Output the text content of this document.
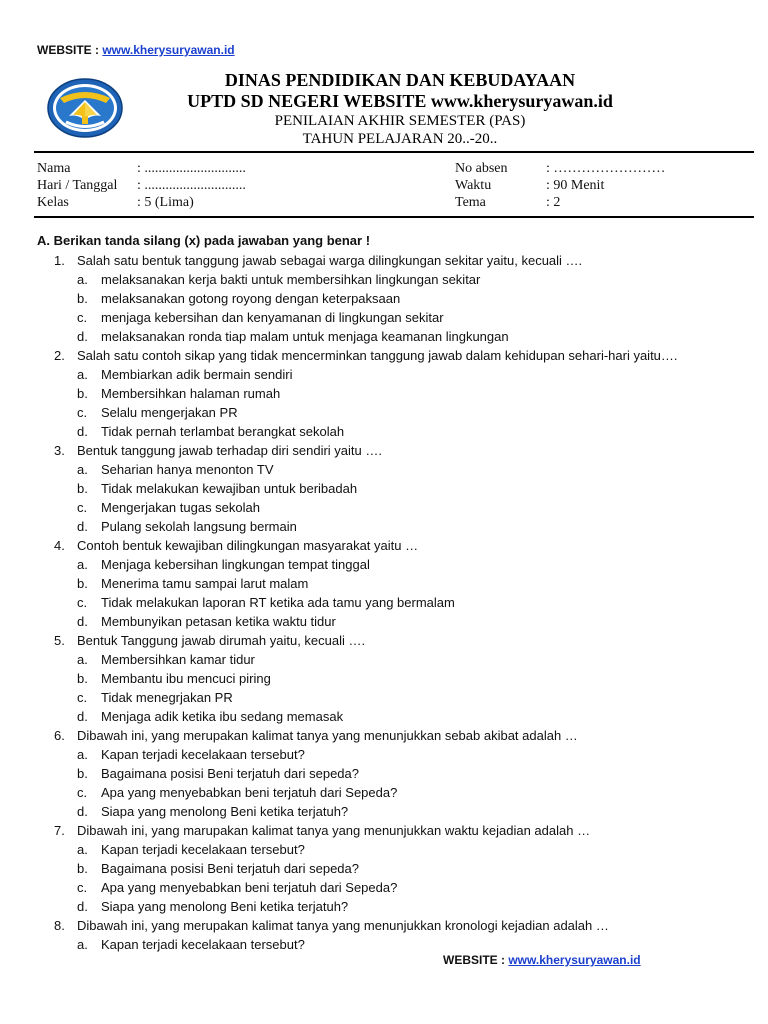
WEBSITE : www.kherysuryawan.id
DINAS PENDIDIKAN DAN KEBUDAYAAN
UPTD SD NEGERI WEBSITE www.kherysuryawan.id
PENILAIAN AKHIR SEMESTER (PAS)
TAHUN PELAJARAN 20..-20..
Nama	: .............................	No absen	: ……………………
Hari / Tanggal : .............................	Waktu	: 90 Menit
Kelas	: 5 (Lima)	Tema	: 2
A. Berikan tanda silang (x) pada jawaban yang benar !
1. Salah satu bentuk tanggung jawab sebagai warga dilingkungan sekitar yaitu, kecuali ….
a. melaksanakan kerja bakti untuk membersihkan lingkungan sekitar
b. melaksanakan gotong royong dengan keterpaksaan
c. menjaga kebersihan dan kenyamanan di lingkungan sekitar
d. melaksanakan ronda tiap malam untuk menjaga keamanan lingkungan
2. Salah satu contoh sikap yang tidak mencerminkan tanggung jawab dalam kehidupan sehari-hari yaitu….
a. Membiarkan adik bermain sendiri
b. Membersihkan halaman rumah
c. Selalu mengerjakan PR
d. Tidak pernah terlambat berangkat sekolah
3. Bentuk tanggung jawab terhadap diri sendiri yaitu ….
a. Seharian hanya menonton TV
b. Tidak melakukan kewajiban untuk beribadah
c. Mengerjakan tugas sekolah
d. Pulang sekolah langsung bermain
4. Contoh bentuk kewajiban dilingkungan masyarakat yaitu …
a. Menjaga kebersihan lingkungan tempat tinggal
b. Menerima tamu sampai larut malam
c. Tidak melakukan laporan RT ketika ada tamu yang bermalam
d. Membunyikan petasan ketika waktu tidur
5. Bentuk Tanggung jawab dirumah yaitu, kecuali ….
a. Membersihkan kamar tidur
b. Membantu ibu mencuci piring
c. Tidak menegrjakan PR
d. Menjaga adik ketika ibu sedang memasak
6. Dibawah ini, yang merupakan kalimat tanya yang menunjukkan sebab akibat adalah …
a. Kapan terjadi kecelakaan tersebut?
b. Bagaimana posisi Beni terjatuh dari sepeda?
c. Apa yang menyebabkan beni terjatuh dari Sepeda?
d. Siapa yang menolong Beni ketika terjatuh?
7. Dibawah ini, yang marupakan kalimat tanya yang menunjukkan waktu kejadian adalah …
a. Kapan terjadi kecelakaan tersebut?
b. Bagaimana posisi Beni terjatuh dari sepeda?
c. Apa yang menyebabkan beni terjatuh dari Sepeda?
d. Siapa yang menolong Beni ketika terjatuh?
8. Dibawah ini, yang merupakan kalimat tanya yang menunjukkan kronologi kejadian adalah …
a. Kapan terjadi kecelakaan tersebut?
WEBSITE : www.kherysuryawan.id
